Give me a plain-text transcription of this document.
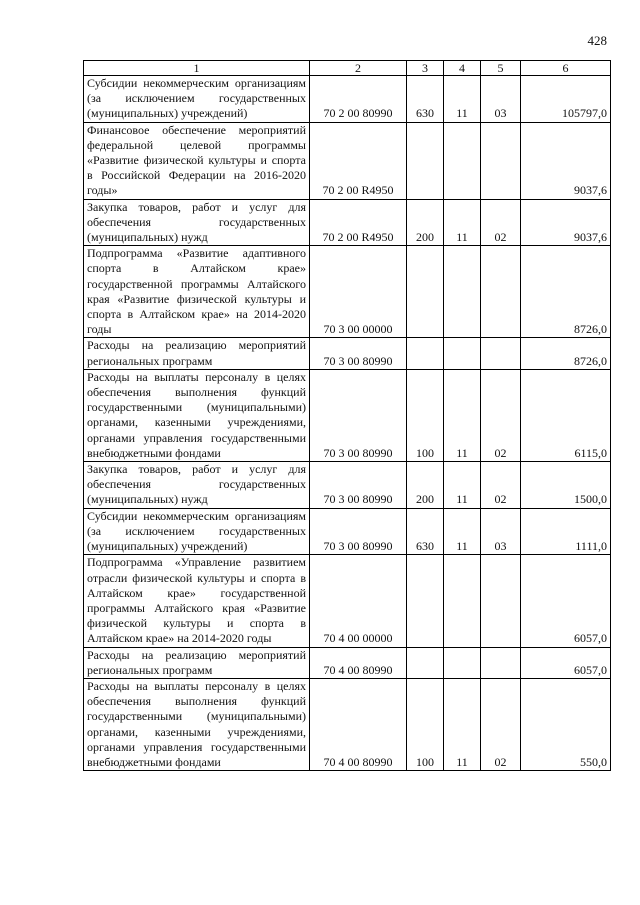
428
1	2	3	4	5	6
Субсидии некоммерческим организациям (за исключением государственных (муниципальных) учреждений)	70 2 00 80990	630	11	03	105797,0
Финансовое обеспечение мероприятий федеральной целевой программы «Развитие физической культуры и спорта в Российской Федерации на 2016-2020 годы»	70 2 00 R4950				9037,6
Закупка товаров, работ и услуг для обеспечения государственных (муниципальных) нужд	70 2 00 R4950	200	11	02	9037,6
Подпрограмма «Развитие адаптивного спорта в Алтайском крае» государственной программы Алтайского края «Развитие физической культуры и спорта в Алтайском крае» на 2014-2020 годы	70 3 00 00000				8726,0
Расходы на реализацию мероприятий региональных программ	70 3 00 80990				8726,0
Расходы на выплаты персоналу в целях обеспечения выполнения функций государственными (муниципальными) органами, казенными учреждениями, органами управления государственными внебюджетными фондами	70 3 00 80990	100	11	02	6115,0
Закупка товаров, работ и услуг для обеспечения государственных (муниципальных) нужд	70 3 00 80990	200	11	02	1500,0
Субсидии некоммерческим организациям (за исключением государственных (муниципальных) учреждений)	70 3 00 80990	630	11	03	1111,0
Подпрограмма «Управление развитием отрасли физической культуры и спорта в Алтайском крае» государственной программы Алтайского края «Развитие физической культуры и спорта в Алтайском крае» на 2014-2020 годы	70 4 00 00000				6057,0
Расходы на реализацию мероприятий региональных программ	70 4 00 80990				6057,0
Расходы на выплаты персоналу в целях обеспечения выполнения функций государственными (муниципальными) органами, казенными учреждениями, органами управления государственными внебюджетными фондами	70 4 00 80990	100	11	02	550,0
